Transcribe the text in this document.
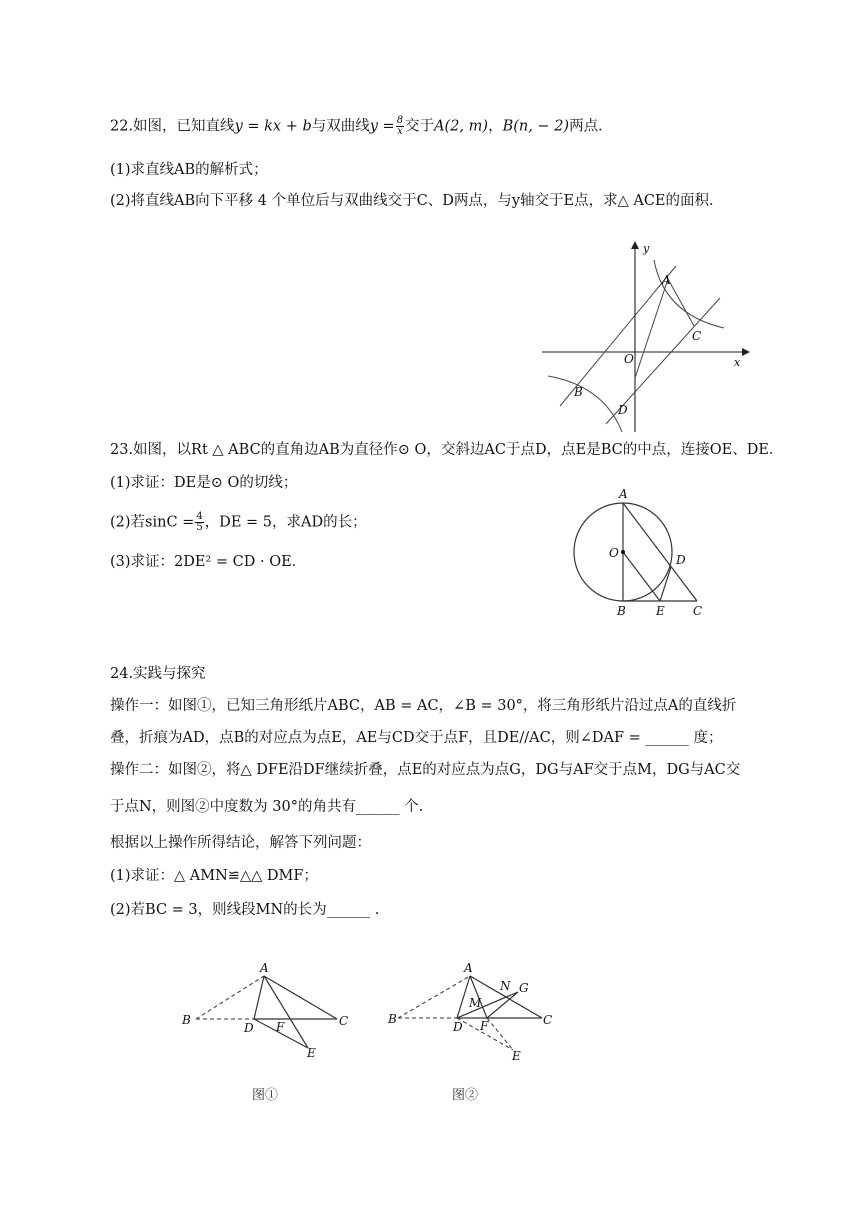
22.如图，已知直线y = kx + b与双曲线$y = \frac{8}{x}$ 交于A(2, m)，B(n, − 2)两点．
(1)求直线AB的解析式；
(2)将直线AB向下平移 4 个单位后与双曲线交于C、D两点，与y轴交于E点，求△ ACE的面积．
x
y
O
A
C
B
D
23.如图，以Rt △ ABC的直角边AB为直径作⊙ O，交斜边AC于点D，点E是BC的中点，连接OE、DE．
(1)求证：DE是⊙ O的切线；
(2)若$\sin C = \frac{4}{5}$ ，DE = 5，求AD的长；
(3)求证：2DE² = CD · OE．
A
O	D
B	E C
24.实践与探究
操作一：如图①，已知三角形纸片ABC，AB = AC，∠B = 30°，将三角形纸片沿过点A的直线折
叠，折痕为AD，点B的对应点为点E，AE与CD交于点F，且DE//AC，则∠DAF = ______ 度；
操作二：如图②，将△ DFE沿DF继续折叠，点E的对应点为点G，DG与AF交于点M，DG与AC交
于点N，则图②中度数为 30°的角共有______ 个.
根据以上操作所得结论，解答下列问题：
(1)求证：△ AMN≌△△ DMF；
(2)若BC = 3，则线段MN的长为______ .
A
B	C
D F
E
图①
A
B	C
D F
E
M
N G
图②
